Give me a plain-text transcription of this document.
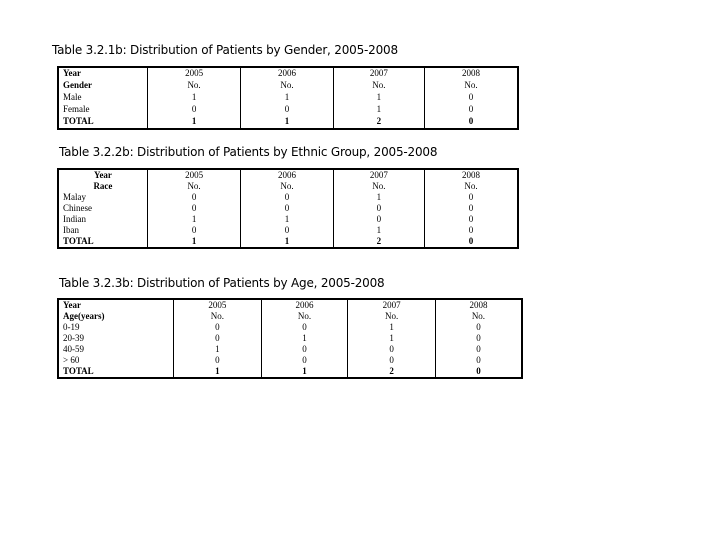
Table 3.2.1b: Distribution of Patients by Gender, 2005-2008
Year	2005	2006	2007	2008
Gender	No.	No.	No.	No.
Male	1	1	1	0
Female	0	0	1	0
TOTAL	1	1	2	0
Table 3.2.2b: Distribution of Patients by Ethnic Group, 2005-2008
Year	2005	2006	2007	2008
Race	No.	No.	No.	No.
Malay	0	0	1	0
Chinese	0	0	0	0
Indian	1	1	0	0
Iban	0	0	1	0
TOTAL	1	1	2	0
Table 3.2.3b: Distribution of Patients by Age, 2005-2008
Year	2005	2006	2007	2008
Age(years)	No.	No.	No.	No.
0-19	0	0	1	0
20-39	0	1	1	0
40-59	1	0	0	0
> 60	0	0	0	0
TOTAL	1	1	2	0
